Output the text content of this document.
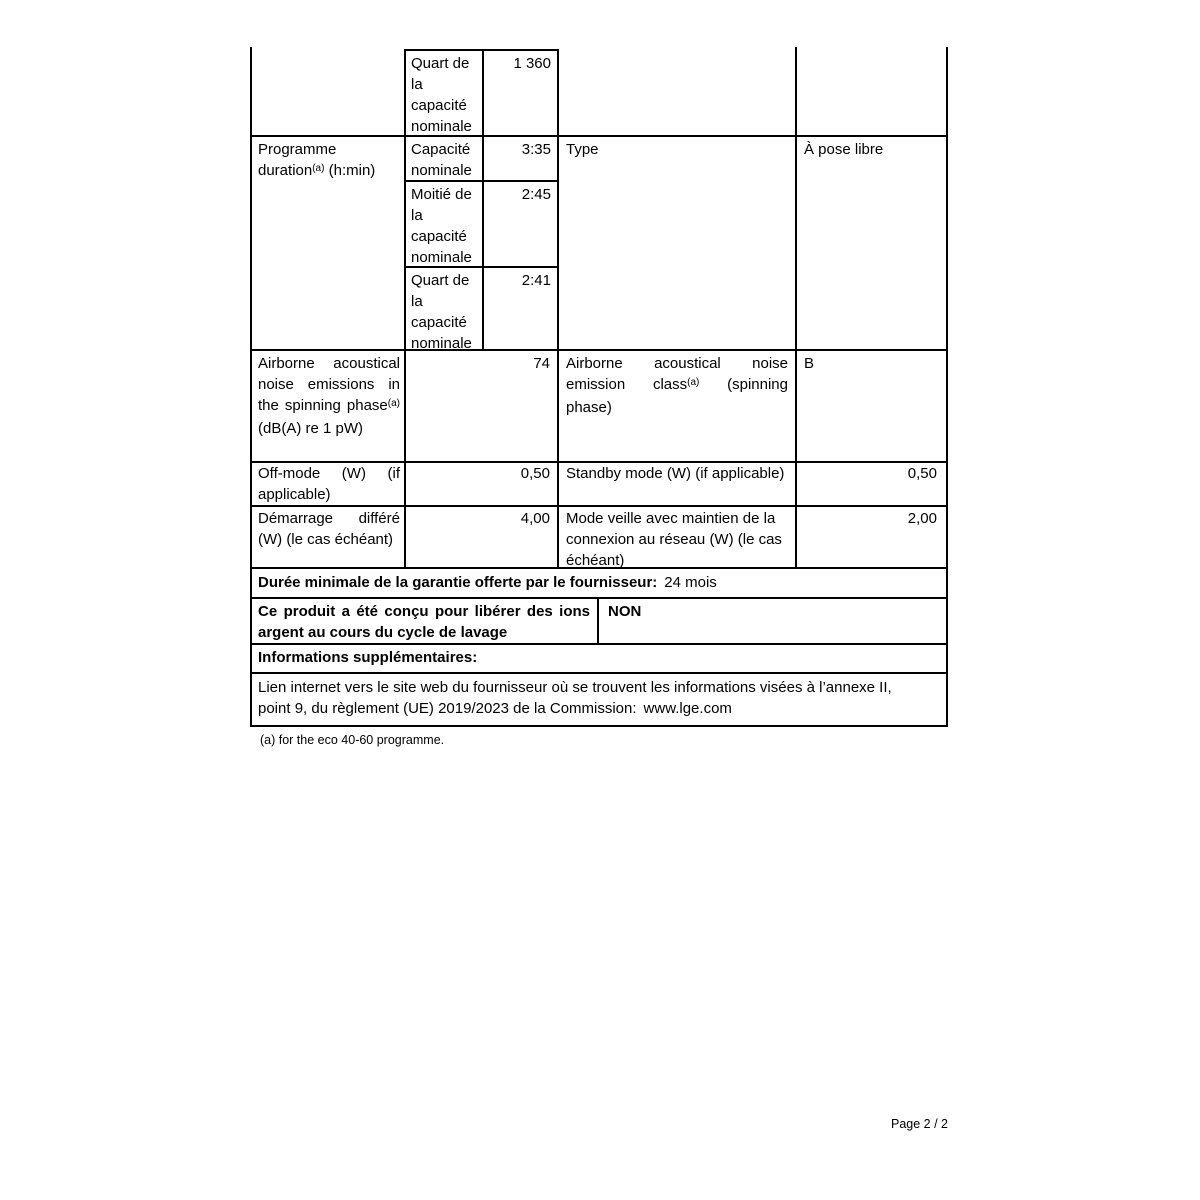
Quart de la capacité nominale
1 360
Programme duration$^{(a)}$ (h:min)
Capacité nominale
3:35
Moitié de la capacité nominale
2:45
Quart de la capacité nominale
2:41
Type	À pose libre
Airborne acoustical noise emissions in the spinning phase$^{(a)}$ (dB(A) re 1 pW)
74 Airborne acoustical noise emission class$^{(a)}$ (spinning phase)
B
Off-mode (W) (if applicable)
0,50 Standby mode (W) (if applicable)	0,50
Démarrage différé (W) (le cas échéant)
4,00 Mode veille avec maintien de la connexion au réseau (W) (le cas échéant)
2,00
Durée minimale de la garantie offerte par le fournisseur: 24 mois
Ce produit a été conçu pour libérer des ions argent au cours du cycle de lavage
NON
Informations supplémentaires:
Lien internet vers le site web du fournisseur où se trouvent les informations visées à l’annexe II,
point 9, du règlement (UE) 2019/2023 de la Commission: www.lge.com
(a) for the eco 40-60 programme.
Page 2 / 2
